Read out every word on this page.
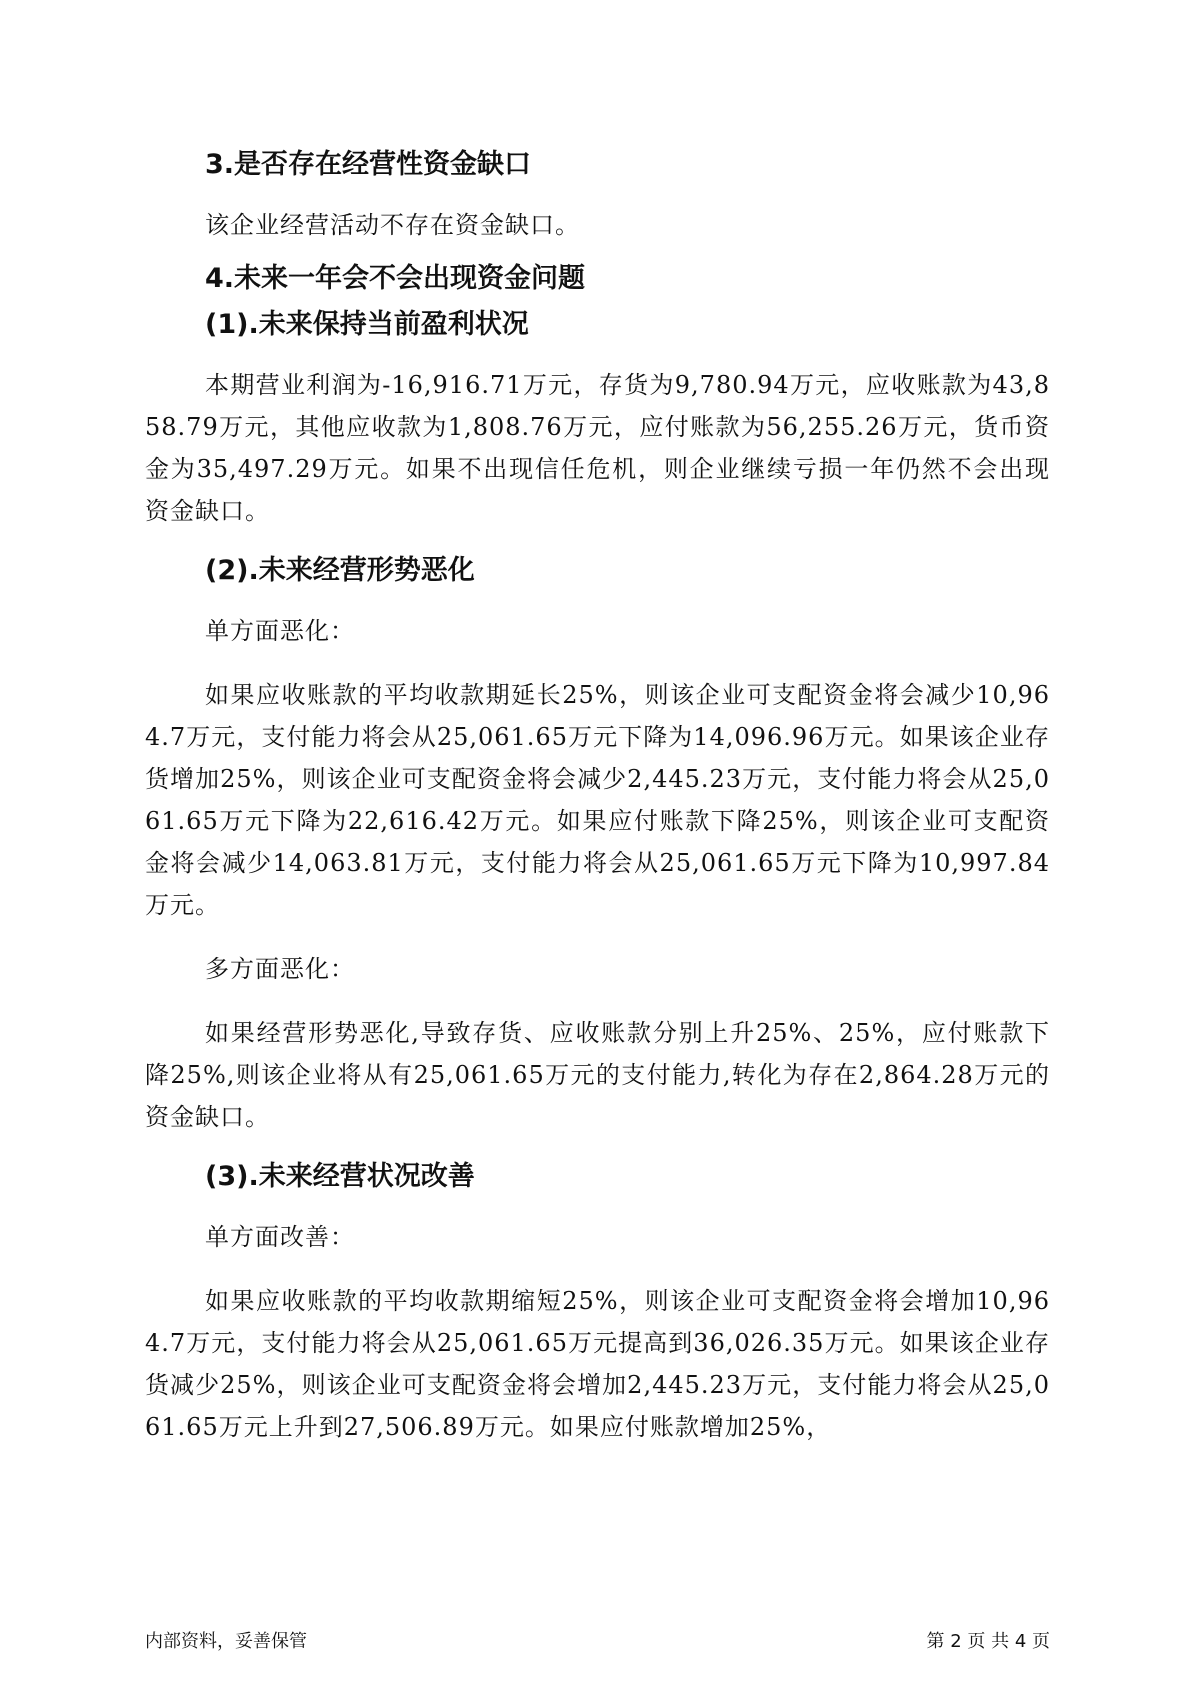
3.是否存在经营性资金缺口

该企业经营活动不存在资金缺口。

4.未来一年会不会出现资金问题
(1).未来保持当前盈利状况

本期营业利润为-16,916.71万元，存货为9,780.94万元，应收账款为43,858.79万元，其他应收款为1,808.76万元，应付账款为56,255.26万元，货币资金为35,497.29万元。如果不出现信任危机，则企业继续亏损一年仍然不会出现资金缺口。

(2).未来经营形势恶化

单方面恶化：

如果应收账款的平均收款期延长25%，则该企业可支配资金将会减少10,964.7万元，支付能力将会从25,061.65万元下降为14,096.96万元。如果该企业存货增加25%，则该企业可支配资金将会减少2,445.23万元，支付能力将会从25,061.65万元下降为22,616.42万元。如果应付账款下降25%，则该企业可支配资金将会减少14,063.81万元，支付能力将会从25,061.65万元下降为10,997.84万元。

多方面恶化：

如果经营形势恶化,导致存货、应收账款分别上升25%、25%，应付账款下降25%,则该企业将从有25,061.65万元的支付能力,转化为存在2,864.28万元的资金缺口。

(3).未来经营状况改善

单方面改善：

如果应收账款的平均收款期缩短25%，则该企业可支配资金将会增加10,964.7万元，支付能力将会从25,061.65万元提高到36,026.35万元。如果该企业存货减少25%，则该企业可支配资金将会增加2,445.23万元，支付能力将会从25,061.65万元上升到27,506.89万元。如果应付账款增加25%，

内部资料，妥善保管	第 2 页 共 4 页
